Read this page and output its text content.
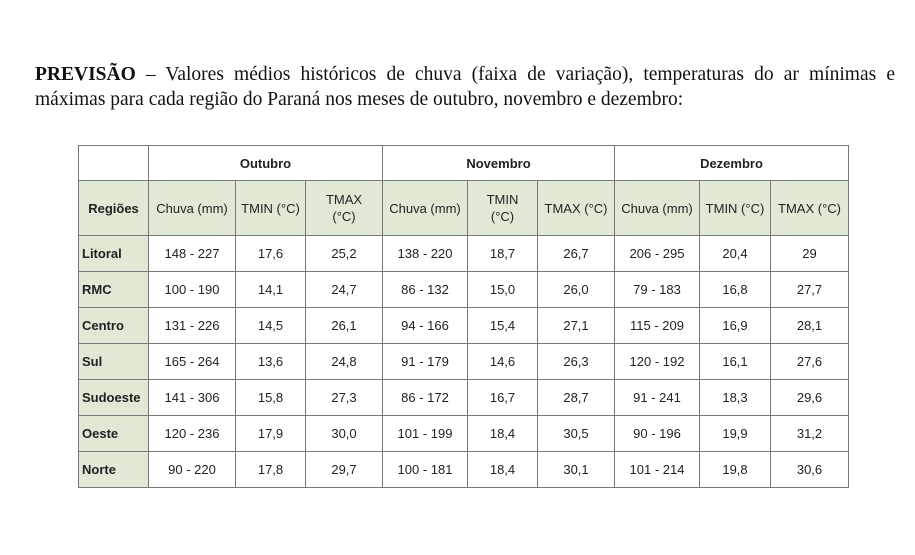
PREVISÃO – Valores médios históricos de chuva (faixa de variação), temperaturas do ar mínimas e máximas para cada região do Paraná nos meses de outubro, novembro e dezembro:
	Outubro			Novembro			Dezembro		
Regiões	Chuva (mm)	TMIN (°C)	TMAX (°C)	Chuva (mm)	TMIN (°C)	TMAX (°C)	Chuva (mm)	TMIN (°C)	TMAX (°C)
Litoral	148 - 227	17,6	25,2	138 - 220	18,7	26,7	206 - 295	20,4	29
RMC	100 - 190	14,1	24,7	86 - 132	15,0	26,0	79 - 183	16,8	27,7
Centro	131 - 226	14,5	26,1	94 - 166	15,4	27,1	115 - 209	16,9	28,1
Sul	165 - 264	13,6	24,8	91 - 179	14,6	26,3	120 - 192	16,1	27,6
Sudoeste	141 - 306	15,8	27,3	86 - 172	16,7	28,7	91 - 241	18,3	29,6
Oeste	120 - 236	17,9	30,0	101 - 199	18,4	30,5	90 - 196	19,9	31,2
Norte	90 - 220	17,8	29,7	100 - 181	18,4	30,1	101 - 214	19,8	30,6
